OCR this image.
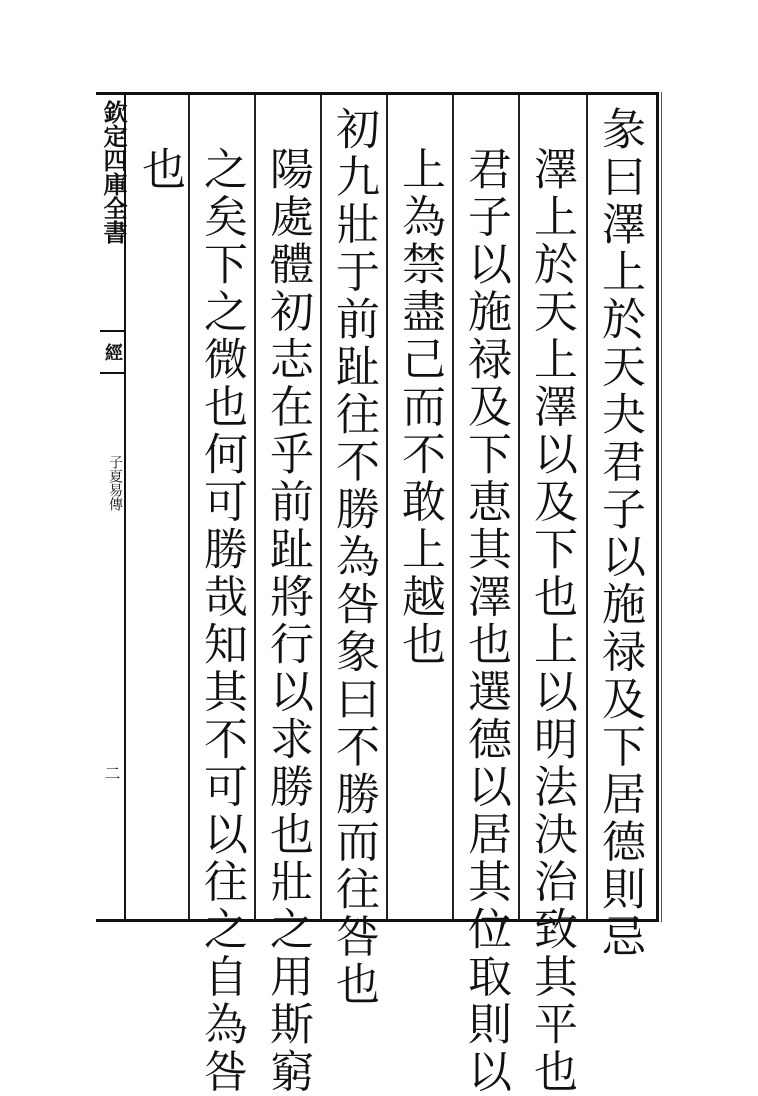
欽定四庫全書
經
子夏易傳
二	彖曰澤上於天夬君子以施禄及下居德則忌
澤上於天上澤以及下也上以明法決治致其平也
君子以施禄及下恵其澤也選德以居其位取則以
上為禁盡己而不敢上越也
初九壯于前趾往不勝為咎象曰不勝而往咎也
陽處體初志在乎前趾將行以求勝也壯之用斯窮
之矣下之微也何可勝哉知其不可以往之自為咎
也
